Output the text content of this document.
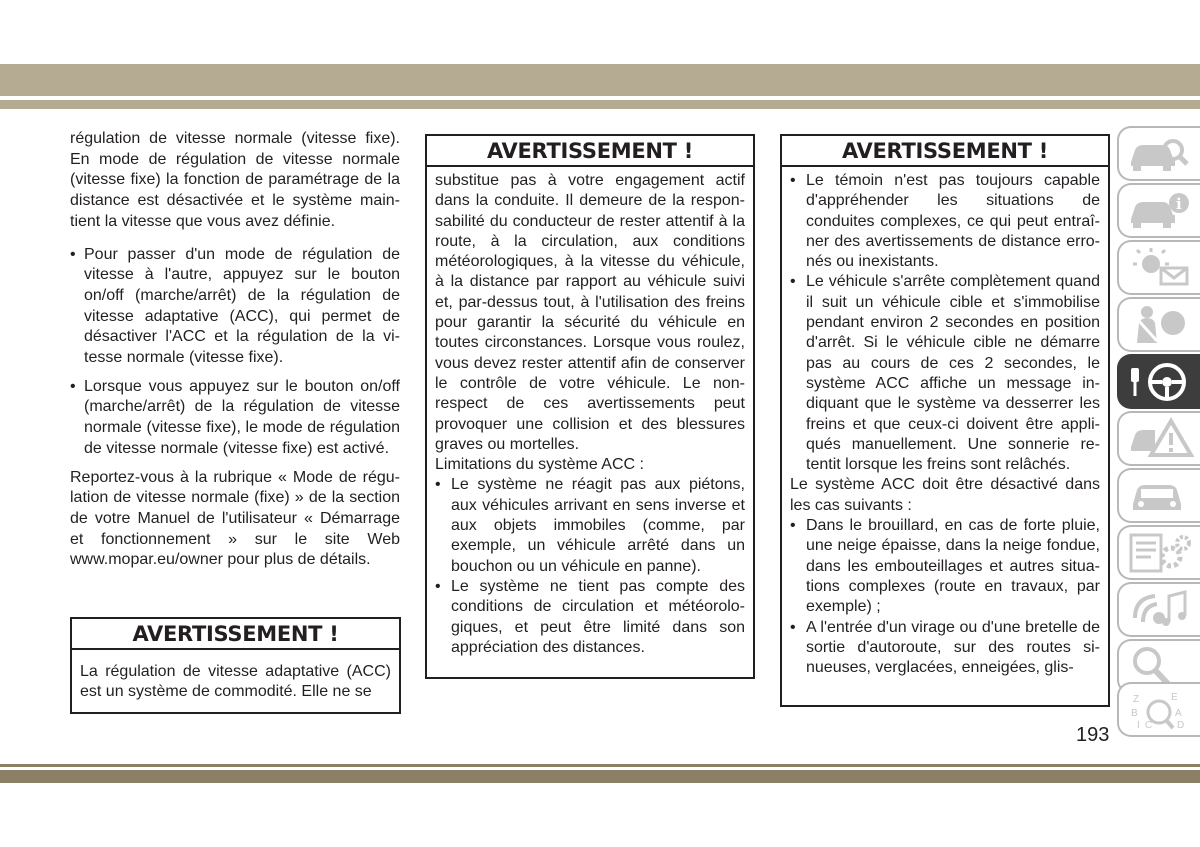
régulation de vitesse normale (vitesse fixe). En mode de régulation de vitesse normale (vitesse fixe) la fonction de paramétrage de la distance est désactivée et le système maintient la vitesse que vous avez définie.

• Pour passer d'un mode de régulation de vitesse à l'autre, appuyez sur le bouton on/off (marche/arrêt) de la régulation de vitesse adaptative (ACC), qui permet de désactiver l'ACC et la régulation de la vitesse normale (vitesse fixe).
• Lorsque vous appuyez sur le bouton on/off (marche/arrêt) de la régulation de vitesse normale (vitesse fixe), le mode de régulation de vitesse normale (vitesse fixe) est activé.

Reportez-vous à la rubrique « Mode de régulation de vitesse normale (fixe) » de la section de votre Manuel de l'utilisateur « Démarrage et fonctionnement » sur le site Web www.mopar.eu/owner pour plus de détails.

AVERTISSEMENT !

La régulation de vitesse adaptative (ACC) est un système de commodité. Elle ne se

AVERTISSEMENT !

substitue pas à votre engagement actif dans la conduite. Il demeure de la responsabilité du conducteur de rester attentif à la route, à la circulation, aux conditions météorologiques, à la vitesse du véhicule, à la distance par rapport au véhicule suivi et, par-dessus tout, à l'utilisation des freins pour garantir la sécurité du véhicule en toutes circonstances. Lorsque vous roulez, vous devez rester attentif afin de conserver le contrôle de votre véhicule. Le non-respect de ces avertissements peut provoquer une collision et des blessures graves ou mortelles.

Limitations du système ACC :

• Le système ne réagit pas aux piétons, aux véhicules arrivant en sens inverse et aux objets immobiles (comme, par exemple, un véhicule arrêté dans un bouchon ou un véhicule en panne).
• Le système ne tient pas compte des conditions de circulation et météorologiques, et peut être limité dans son appréciation des distances.
AVERTISSEMENT !
• Le témoin n'est pas toujours capable d'appréhender les situations de conduites complexes, ce qui peut entraîner des avertissements de distance erronés ou inexistants.
• Le véhicule s'arrête complètement quand il suit un véhicule cible et s'immobilise pendant environ 2 secondes en position d'arrêt. Si le véhicule cible ne démarre pas au cours de ces 2 secondes, le système ACC affiche un message indiquant que le système va desserrer les freins et que ceux-ci doivent être appliqués manuellement. Une sonnerie retentit lorsque les freins sont relâchés.

Le système ACC doit être désactivé dans les cas suivants :

• Dans le brouillard, en cas de forte pluie, une neige épaisse, dans la neige fondue, dans les embouteillages et autres situations complexes (route en travaux, par exemple) ;
• A l'entrée d'un virage ou d'une bretelle de sortie d'autoroute, sur des routes sinueuses, verglacées, enneigées, glis-
i
Z	E
B	A
I C D
193
